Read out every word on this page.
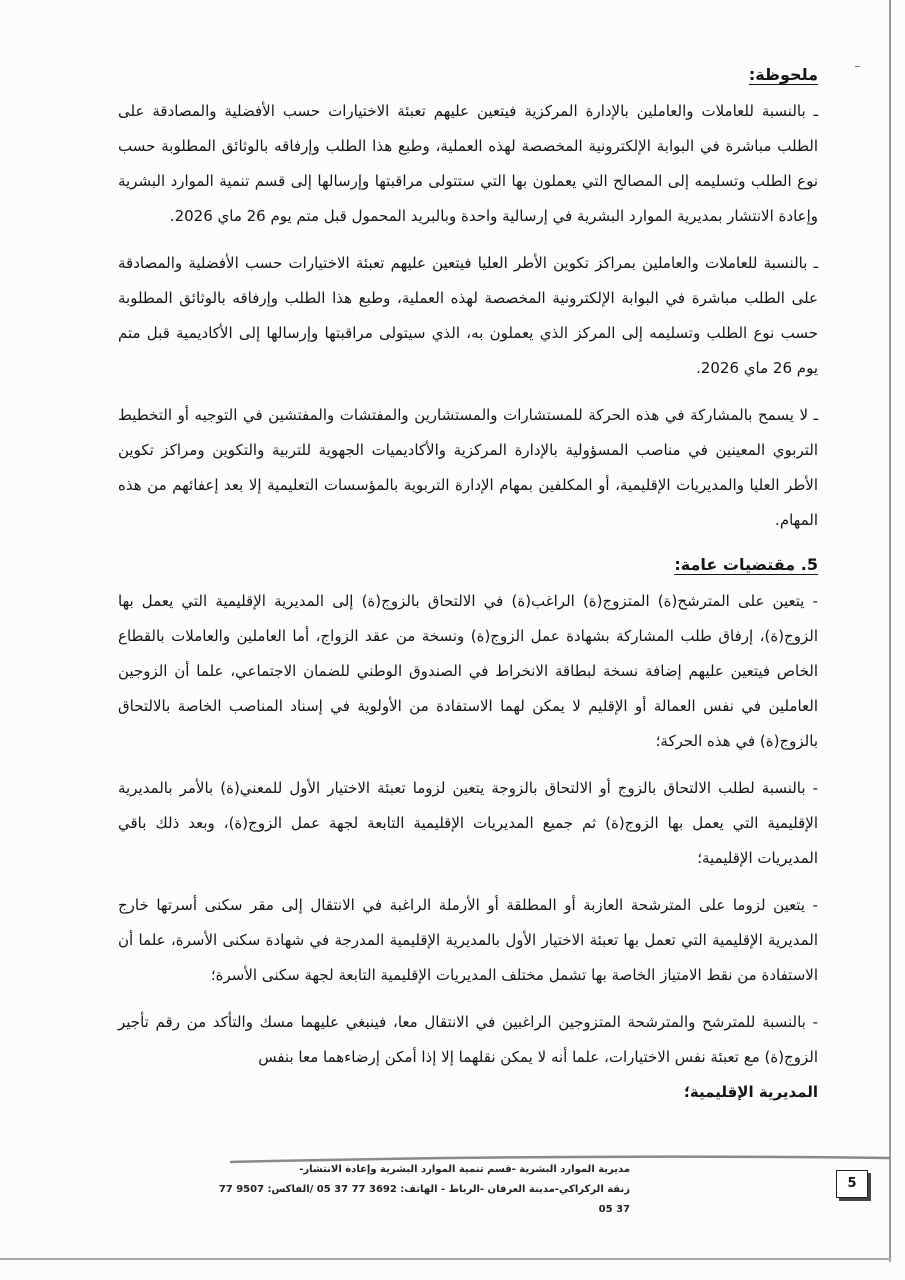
ملحوظة:

ـ بالنسبة للعاملات والعاملين بالإدارة المركزية فيتعين عليهم تعبئة الاختيارات حسب الأفضلية والمصادقة على الطلب مباشرة في البوابة الإلكترونية المخصصة لهذه العملية، وطبع هذا الطلب وإرفاقه بالوثائق المطلوبة حسب نوع الطلب وتسليمه إلى المصالح التي يعملون بها التي ستتولى مراقبتها وإرسالها إلى قسم تنمية الموارد البشرية وإعادة الانتشار بمديرية الموارد البشرية في إرسالية واحدة وبالبريد المحمول قبل متم يوم 26 ماي 2026.

ـ بالنسبة للعاملات والعاملين بمراكز تكوين الأطر العليا فيتعين عليهم تعبئة الاختيارات حسب الأفضلية والمصادقة على الطلب مباشرة في البوابة الإلكترونية المخصصة لهذه العملية، وطبع هذا الطلب وإرفاقه بالوثائق المطلوبة حسب نوع الطلب وتسليمه إلى المركز الذي يعملون به، الذي سيتولى مراقبتها وإرسالها إلى الأكاديمية قبل متم يوم 26 ماي 2026.

ـ لا يسمح بالمشاركة في هذه الحركة للمستشارات والمستشارين والمفتشات والمفتشين في التوجيه أو التخطيط التربوي المعينين في مناصب المسؤولية بالإدارة المركزية والأكاديميات الجهوية للتربية والتكوين ومراكز تكوين الأطر العليا والمديريات الإقليمية، أو المكلفين بمهام الإدارة التربوية بالمؤسسات التعليمية إلا بعد إعفائهم من هذه المهام.

5. مقتضيات عامة:

- يتعين على المترشح(ة) المتزوج(ة) الراغب(ة) في الالتحاق بالزوج(ة) إلى المديرية الإقليمية التي يعمل بها الزوج(ة)، إرفاق طلب المشاركة بشهادة عمل الزوج(ة) ونسخة من عقد الزواج، أما العاملين والعاملات بالقطاع الخاص فيتعين عليهم إضافة نسخة لبطاقة الانخراط في الصندوق الوطني للضمان الاجتماعي، علما أن الزوجين العاملين في نفس العمالة أو الإقليم لا يمكن لهما الاستفادة من الأولوية في إسناد المناصب الخاصة بالالتحاق بالزوج(ة) في هذه الحركة؛

- بالنسبة لطلب الالتحاق بالزوج أو الالتحاق بالزوجة يتعين لزوما تعبئة الاختيار الأول للمعني(ة) بالأمر بالمديرية الإقليمية التي يعمل بها الزوج(ة) ثم جميع المديريات الإقليمية التابعة لجهة عمل الزوج(ة)، وبعد ذلك باقي المديريات الإقليمية؛

- يتعين لزوما على المترشحة العازبة أو المطلقة أو الأرملة الراغبة في الانتقال إلى مقر سكنى أسرتها خارج المديرية الإقليمية التي تعمل بها تعبئة الاختيار الأول بالمديرية الإقليمية المدرجة في شهادة سكنى الأسرة، علما أن الاستفادة من نقط الامتياز الخاصة بها تشمل مختلف المديريات الإقليمية التابعة لجهة سكنى الأسرة؛

- بالنسبة للمترشح والمترشحة المتزوجين الراغبين في الانتقال معا، فينبغي عليهما مسك والتأكد من رقم تأجير الزوج(ة) مع تعبئة نفس الاختيارات، علما أنه لا يمكن نقلهما إلا إذا أمكن إرضاءهما معا بنفس
المديرية الإقليمية؛

مديرية الموارد البشرية -قسم تنمية الموارد البشرية وإعادة الانتشار-
زنقة الركراكي-مدينة العرفان -الرباط - الهاتف: 3692 77 37 05 /الفاكس: 9507 77 37 05
5
